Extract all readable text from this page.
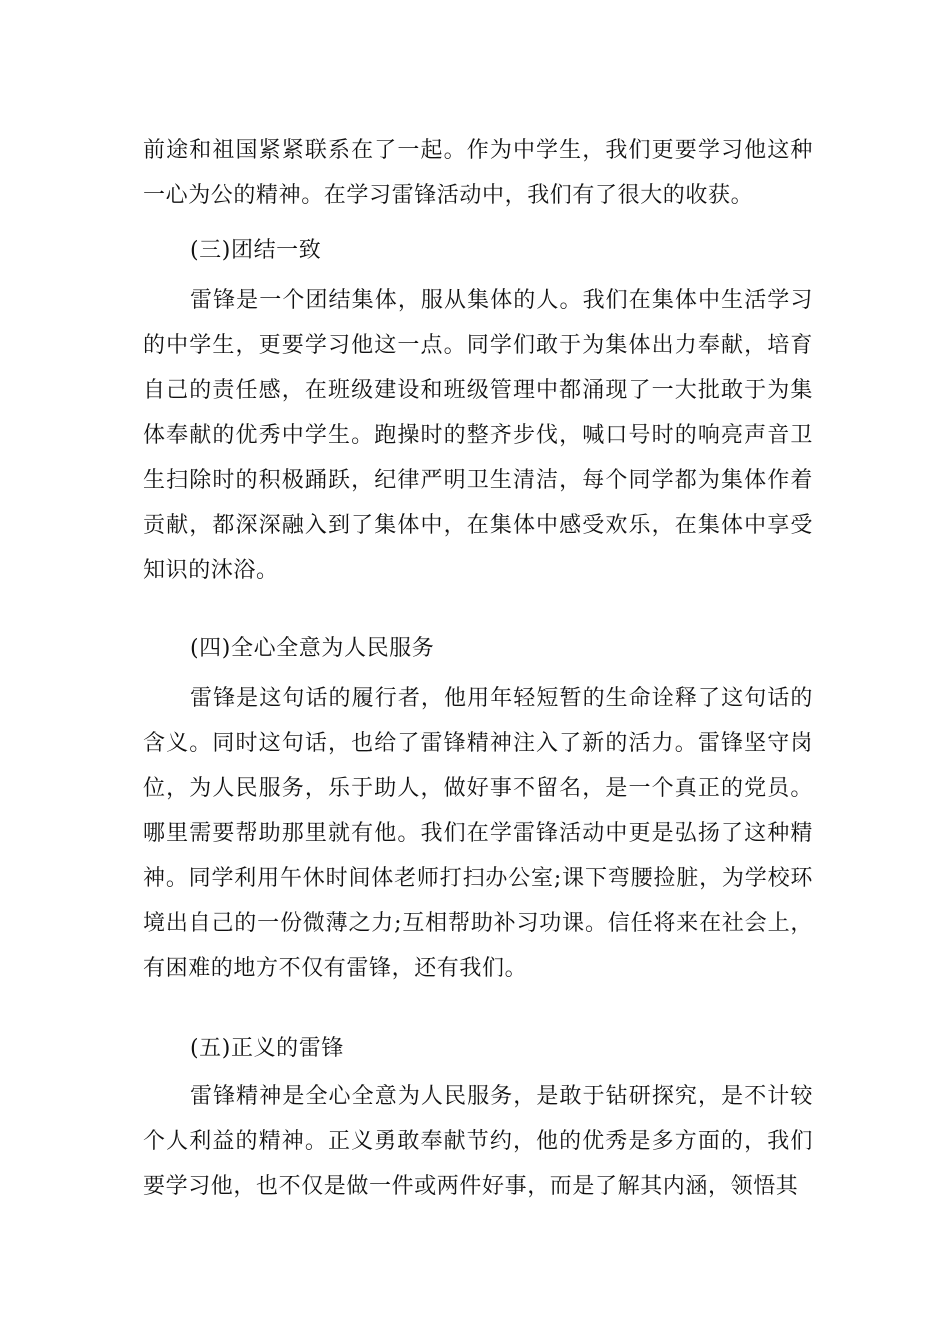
前途和祖国紧紧联系在了一起。作为中学生，我们更要学习他这种一心为公的精神。在学习雷锋活动中，我们有了很大的收获。

(三)团结一致

雷锋是一个团结集体，服从集体的人。我们在集体中生活学习的中学生，更要学习他这一点。同学们敢于为集体出力奉献，培育自己的责任感，在班级建设和班级管理中都涌现了一大批敢于为集体奉献的优秀中学生。跑操时的整齐步伐，喊口号时的响亮声音卫生扫除时的积极踊跃，纪律严明卫生清洁，每个同学都为集体作着贡献，都深深融入到了集体中，在集体中感受欢乐，在集体中享受知识的沐浴。

(四)全心全意为人民服务

雷锋是这句话的履行者，他用年轻短暂的生命诠释了这句话的含义。同时这句话，也给了雷锋精神注入了新的活力。雷锋坚守岗位，为人民服务，乐于助人，做好事不留名，是一个真正的党员。哪里需要帮助那里就有他。我们在学雷锋活动中更是弘扬了这种精神。同学利用午休时间体老师打扫办公室;课下弯腰捡脏，为学校环境出自己的一份微薄之力;互相帮助补习功课。信任将来在社会上，有困难的地方不仅有雷锋，还有我们。

(五)正义的雷锋

雷锋精神是全心全意为人民服务，是敢于钻研探究，是不计较个人利益的精神。正义勇敢奉献节约，他的优秀是多方面的，我们要学习他，也不仅是做一件或两件好事，而是了解其内涵，领悟其
